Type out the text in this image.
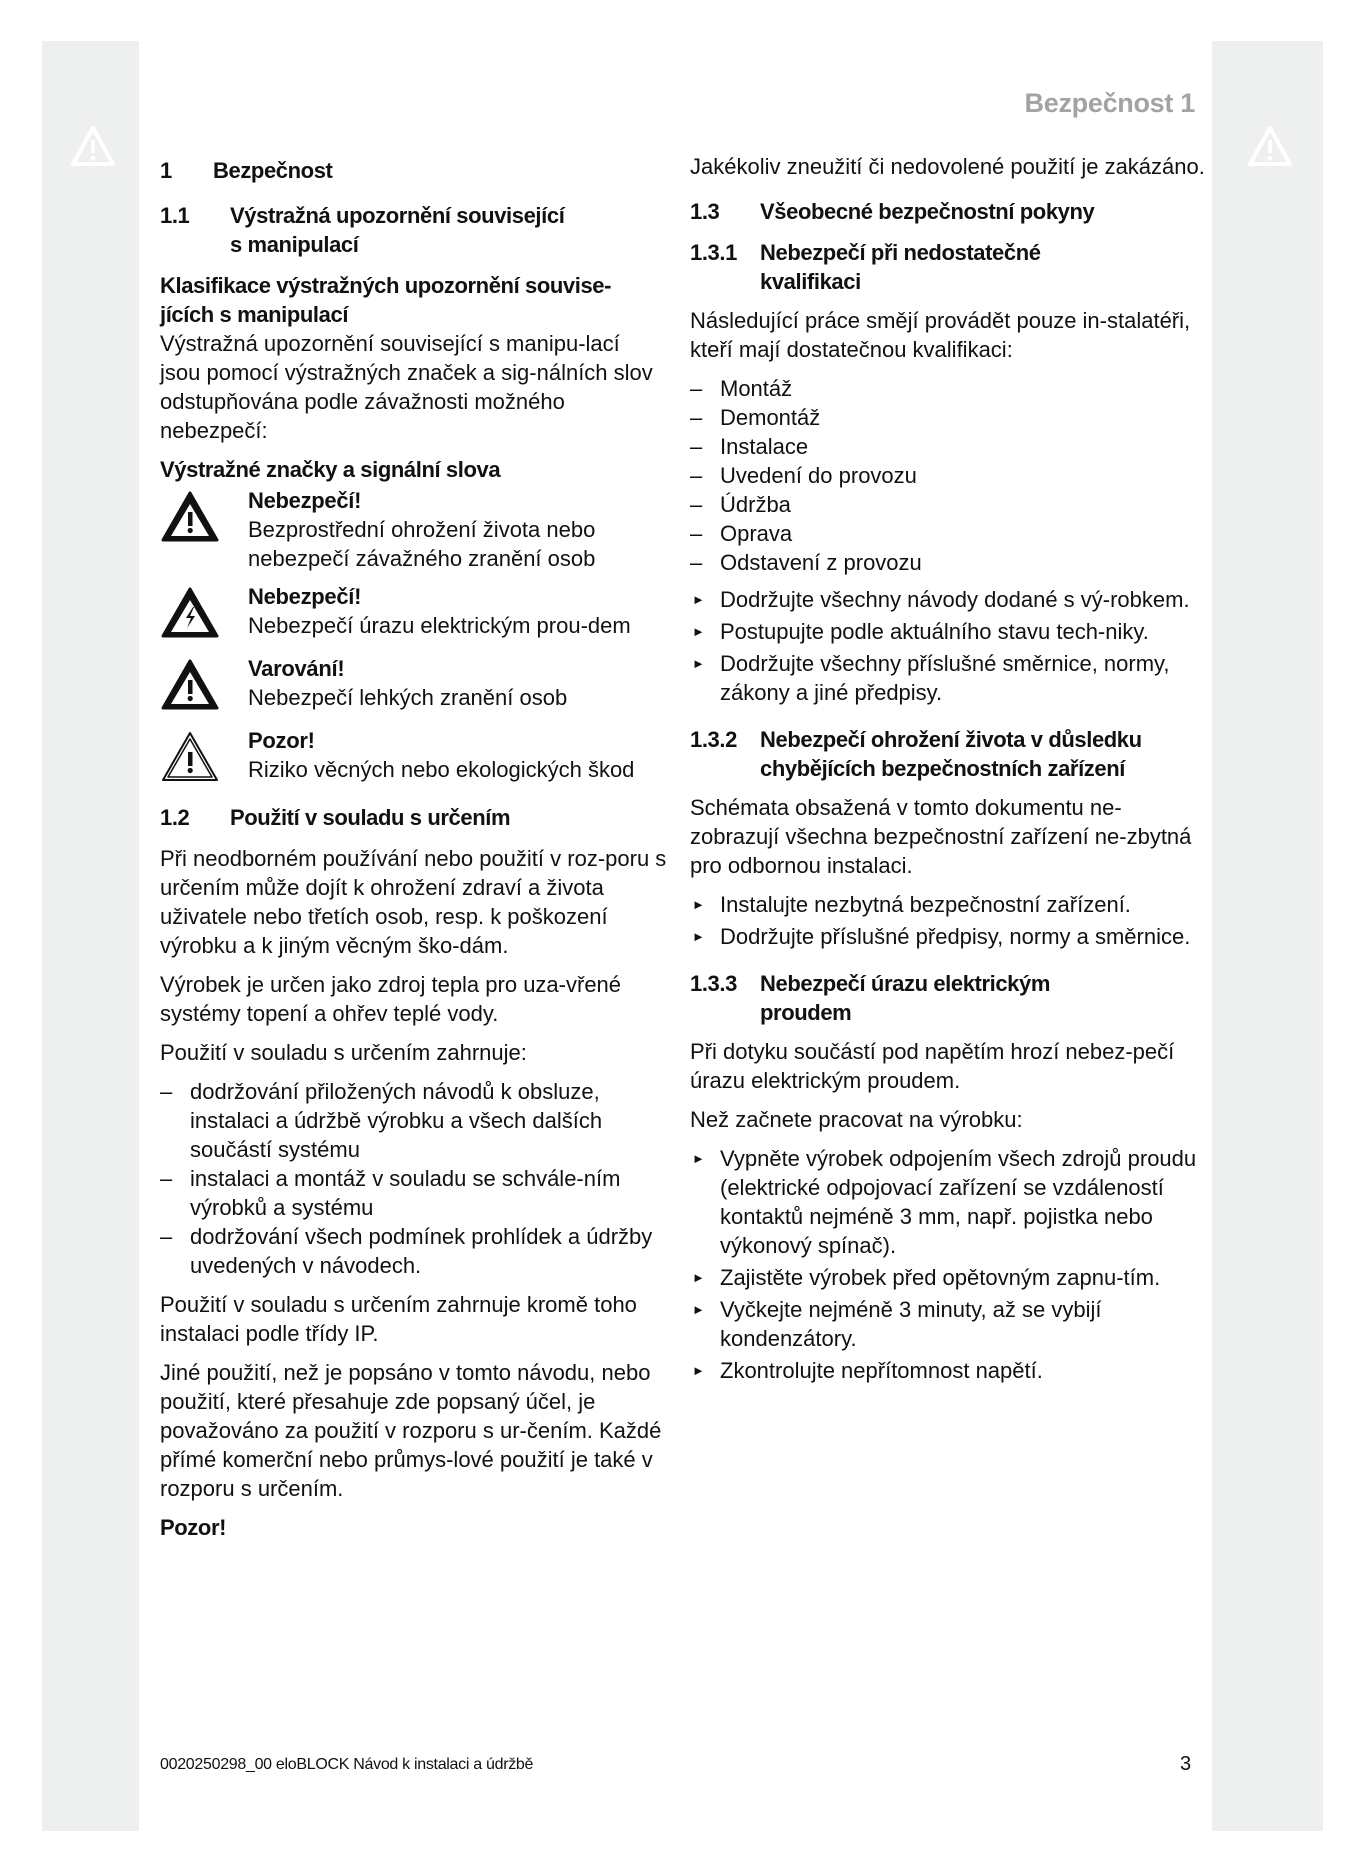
Bezpečnost 1
1	Bezpečnost
1.1	Výstražná upozornění související
s manipulací
Klasifikace výstražných upozornění souvise-jících s manipulací

Výstražná upozornění související s manipu-lací jsou pomocí výstražných značek a sig-nálních slov odstupňována podle závažnosti možného nebezpečí:

Výstražné značky a signální slova
Nebezpečí!
Bezprostřední ohrožení života nebo nebezpečí závažného zranění osob
Nebezpečí!
Nebezpečí úrazu elektrickým prou-dem
Varování!
Nebezpečí lehkých zranění osob
Pozor!
Riziko věcných nebo ekologických škod
1.2	Použití v souladu s určením

Při neodborném používání nebo použití v roz-poru s určením může dojít k ohrožení zdraví a života uživatele nebo třetích osob, resp. k poškození výrobku a k jiným věcným ško-dám.

Výrobek je určen jako zdroj tepla pro uza-vřené systémy topení a ohřev teplé vody.

Použití v souladu s určením zahrnuje:

– dodržování přiložených návodů k obsluze, instalaci a údržbě výrobku a všech dalších součástí systému
– instalaci a montáž v souladu se schvále-ním výrobků a systému
– dodržování všech podmínek prohlídek a údržby uvedených v návodech.

Použití v souladu s určením zahrnuje kromě toho instalaci podle třídy IP.

Jiné použití, než je popsáno v tomto návodu, nebo použití, které přesahuje zde popsaný účel, je považováno za použití v rozporu s ur-čením. Každé přímé komerční nebo průmys-lové použití je také v rozporu s určením.

Pozor!

Jakékoliv zneužití či nedovolené použití je zakázáno.

1.3	Všeobecné bezpečnostní pokyny
1.3.1	Nebezpečí při nedostatečné
kvalifikaci

Následující práce smějí provádět pouze in-stalatéři, kteří mají dostatečnou kvalifikaci:

– Montáž
– Demontáž
– Instalace
– Uvedení do provozu
– Údržba
– Oprava
– Odstavení z provozu
► Dodržujte všechny návody dodané s vý-robkem.
► Postupujte podle aktuálního stavu tech-niky.
► Dodržujte všechny příslušné směrnice, normy, zákony a jiné předpisy.
1.3.2	Nebezpečí ohrožení života v důsledku
chybějících bezpečnostních zařízení

Schémata obsažená v tomto dokumentu ne-zobrazují všechna bezpečnostní zařízení ne-zbytná pro odbornou instalaci.

► Instalujte nezbytná bezpečnostní zařízení.
► Dodržujte příslušné předpisy, normy a směrnice.
1.3.3	Nebezpečí úrazu elektrickým
proudem

Při dotyku součástí pod napětím hrozí nebez-pečí úrazu elektrickým proudem.

Než začnete pracovat na výrobku:

► Vypněte výrobek odpojením všech zdrojů proudu (elektrické odpojovací zařízení se vzdáleností kontaktů nejméně 3 mm, např. pojistka nebo výkonový spínač).
► Zajistěte výrobek před opětovným zapnu-tím.
► Vyčkejte nejméně 3 minuty, až se vybijí kondenzátory.
► Zkontrolujte nepřítomnost napětí.
0020250298_00 eloBLOCK Návod k instalaci a údržbě	3
